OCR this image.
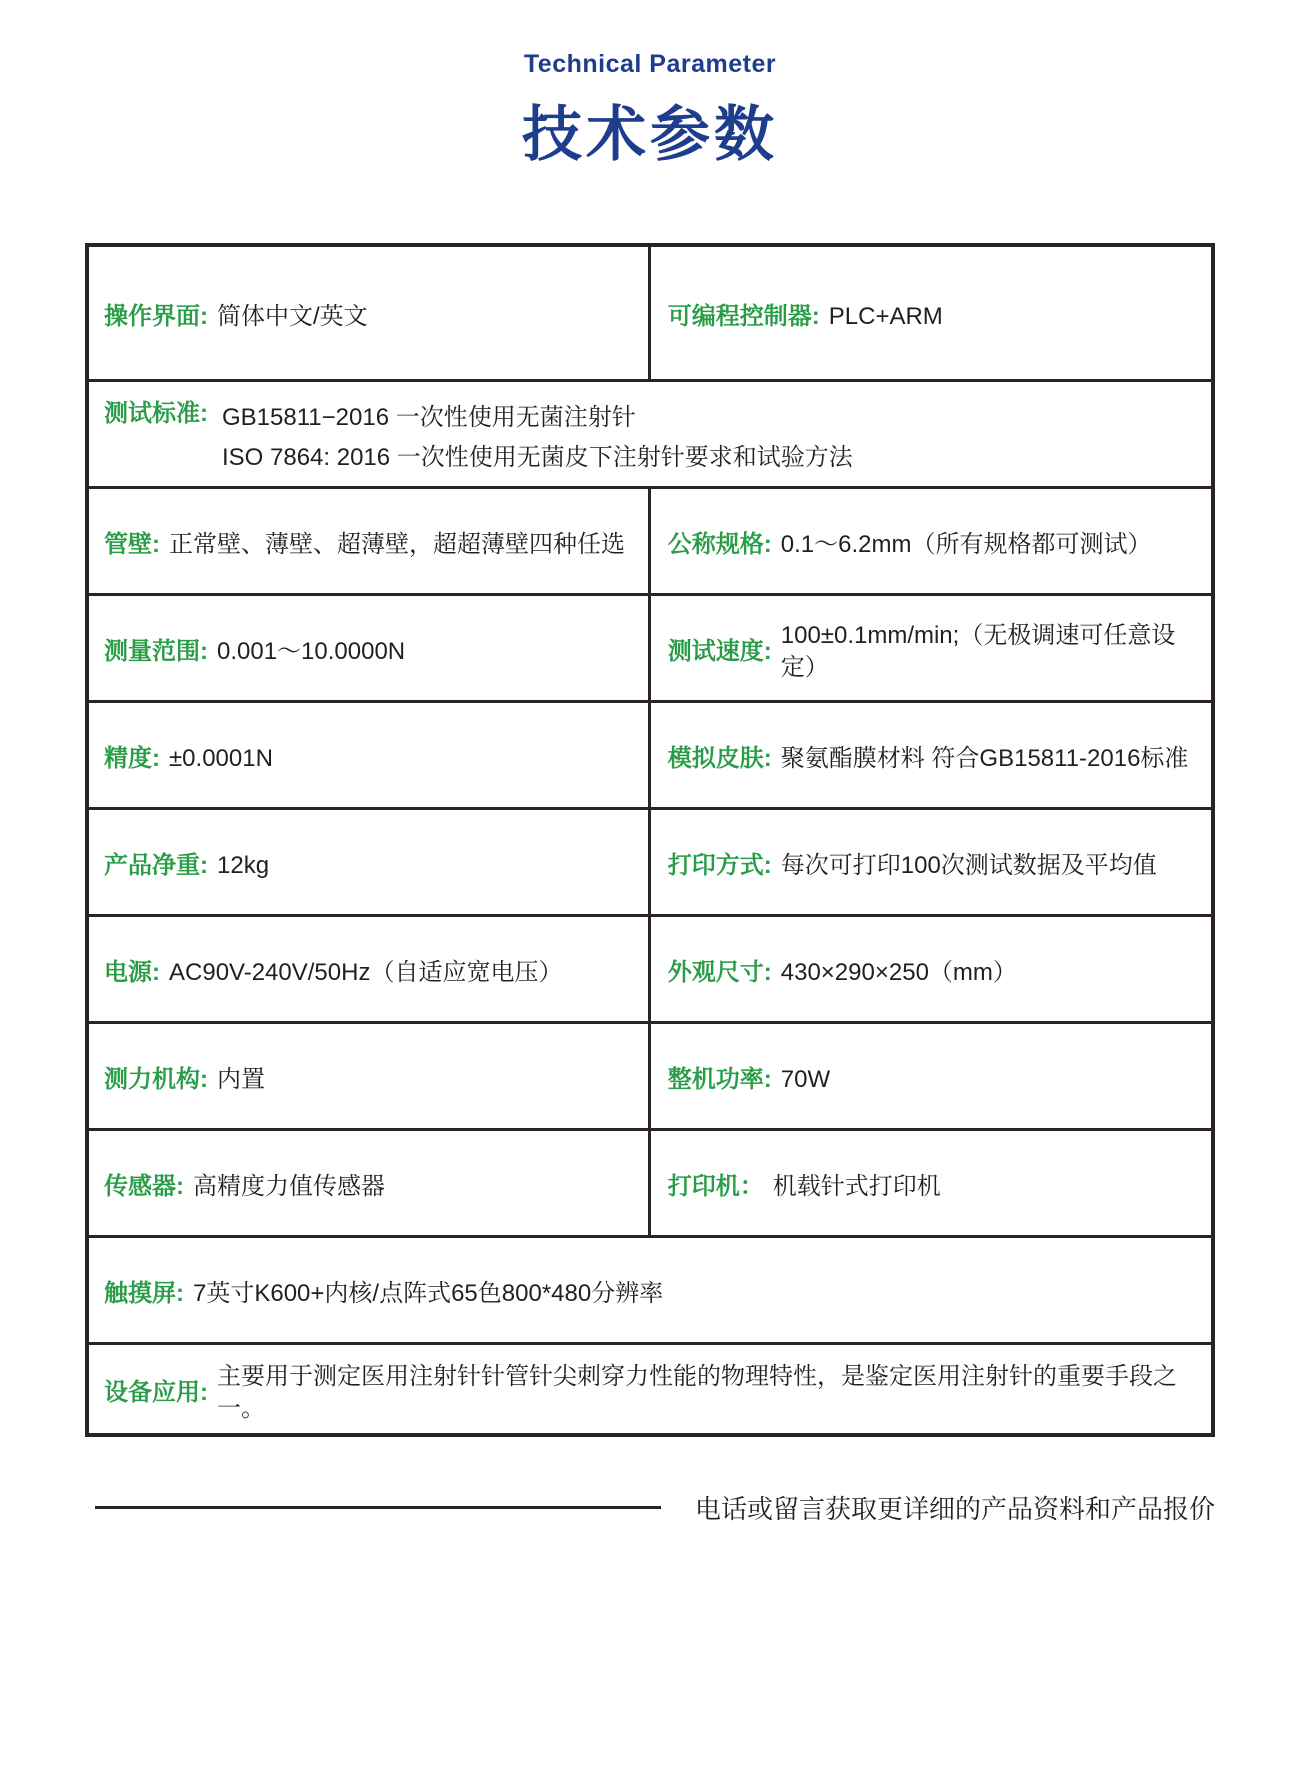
Technical Parameter
技术参数
操作界面: 简体中文/英文	可编程控制器: PLC+ARM
测试标准: GB15811−2016 一次性使用无菌注射针
ISO 7864: 2016 一次性使用无菌皮下注射针要求和试验方法
管壁: 正常壁、薄壁、超薄壁，超超薄壁四种任选 公称规格: 0.1～6.2mm（所有规格都可测试）
测量范围: 0.001～10.0000N	测试速度:
100±0.1mm/min;（无极调速可任意设定）
精度: ±0.0001N	模拟皮肤: 聚氨酯膜材料 符合GB15811-2016标准
产品净重: 12kg	打印方式: 每次可打印100次测试数据及平均值
电源: AC90V-240V/50Hz（自适应宽电压）	外观尺寸: 430×290×250（mm）
测力机构: 内置	整机功率: 70W
传感器: 高精度力值传感器	打印机： 机载针式打印机
触摸屏: 7英寸K600+内核/点阵式65色800*480分辨率
设备应用:
主要用于测定医用注射针针管针尖刺穿力性能的物理特性，是鉴定医用注射针的重要手段之一。
电话或留言获取更详细的产品资料和产品报价
